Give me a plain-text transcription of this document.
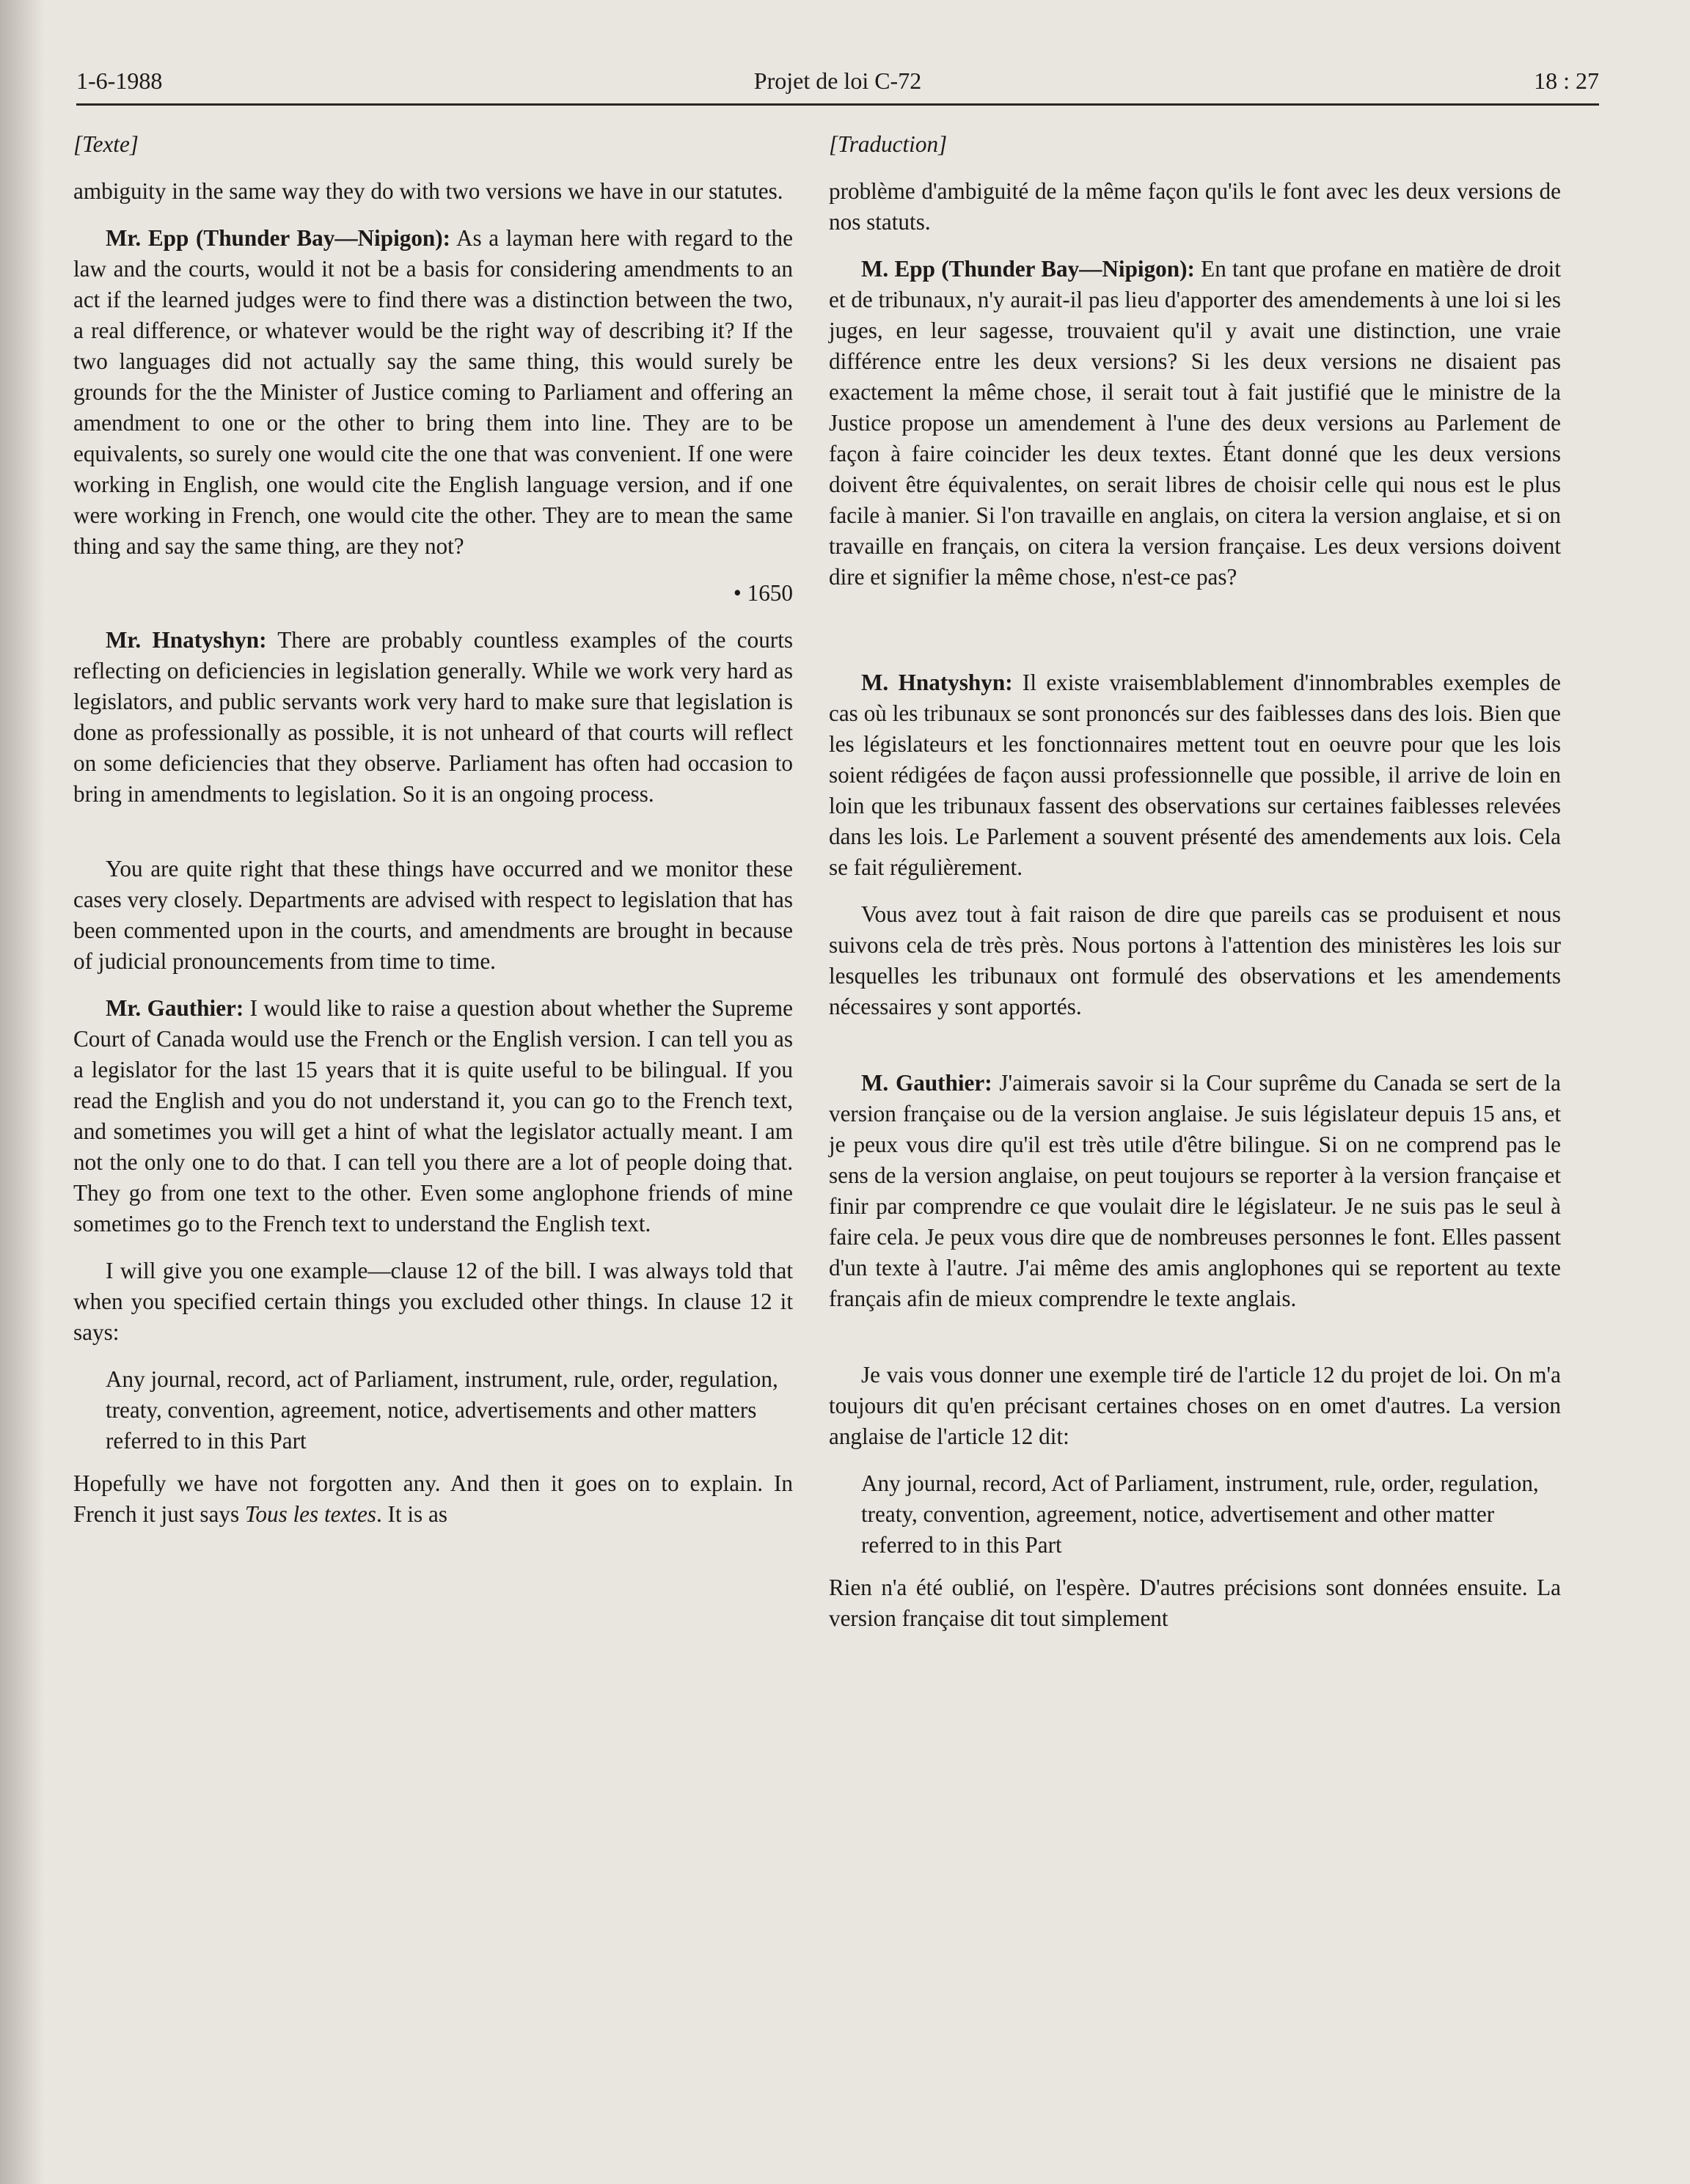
1-6-1988	Projet de loi C-72	18 : 27

[Texte]

ambiguity in the same way they do with two versions we have in our statutes.

Mr. Epp (Thunder Bay—Nipigon): As a layman here with regard to the law and the courts, would it not be a basis for considering amendments to an act if the learned judges were to find there was a distinction between the two, a real difference, or whatever would be the right way of describing it? If the two languages did not actually say the same thing, this would surely be grounds for the the Minister of Justice coming to Parliament and offering an amendment to one or the other to bring them into line. They are to be equivalents, so surely one would cite the one that was convenient. If one were working in English, one would cite the English language version, and if one were working in French, one would cite the other. They are to mean the same thing and say the same thing, are they not?

• 1650

Mr. Hnatyshyn: There are probably countless examples of the courts reflecting on deficiencies in legislation generally. While we work very hard as legislators, and public servants work very hard to make sure that legislation is done as professionally as possible, it is not unheard of that courts will reflect on some deficiencies that they observe. Parliament has often had occasion to bring in amendments to legislation. So it is an ongoing process.

You are quite right that these things have occurred and we monitor these cases very closely. Departments are advised with respect to legislation that has been commented upon in the courts, and amendments are brought in because of judicial pronouncements from time to time.

Mr. Gauthier: I would like to raise a question about whether the Supreme Court of Canada would use the French or the English version. I can tell you as a legislator for the last 15 years that it is quite useful to be bilingual. If you read the English and you do not understand it, you can go to the French text, and sometimes you will get a hint of what the legislator actually meant. I am not the only one to do that. I can tell you there are a lot of people doing that. They go from one text to the other. Even some anglophone friends of mine sometimes go to the French text to understand the English text.

I will give you one example—clause 12 of the bill. I was always told that when you specified certain things you excluded other things. In clause 12 it says:

Any journal, record, act of Parliament, instrument, rule, order, regulation, treaty, convention, agreement, notice, advertisements and other matters referred to in this Part

Hopefully we have not forgotten any. And then it goes on to explain. In French it just says Tous les textes. It is as

[Traduction]

problème d'ambiguité de la même façon qu'ils le font avec les deux versions de nos statuts.

M. Epp (Thunder Bay—Nipigon): En tant que profane en matière de droit et de tribunaux, n'y aurait-il pas lieu d'apporter des amendements à une loi si les juges, en leur sagesse, trouvaient qu'il y avait une distinction, une vraie différence entre les deux versions? Si les deux versions ne disaient pas exactement la même chose, il serait tout à fait justifié que le ministre de la Justice propose un amendement à l'une des deux versions au Parlement de façon à faire coincider les deux textes. Étant donné que les deux versions doivent être équivalentes, on serait libres de choisir celle qui nous est le plus facile à manier. Si l'on travaille en anglais, on citera la version anglaise, et si on travaille en français, on citera la version française. Les deux versions doivent dire et signifier la même chose, n'est-ce pas?

M. Hnatyshyn: Il existe vraisemblablement d'innombrables exemples de cas où les tribunaux se sont prononcés sur des faiblesses dans des lois. Bien que les législateurs et les fonctionnaires mettent tout en oeuvre pour que les lois soient rédigées de façon aussi professionnelle que possible, il arrive de loin en loin que les tribunaux fassent des observations sur certaines faiblesses relevées dans les lois. Le Parlement a souvent présenté des amendements aux lois. Cela se fait régulièrement.

Vous avez tout à fait raison de dire que pareils cas se produisent et nous suivons cela de très près. Nous portons à l'attention des ministères les lois sur lesquelles les tribunaux ont formulé des observations et les amendements nécessaires y sont apportés.

M. Gauthier: J'aimerais savoir si la Cour suprême du Canada se sert de la version française ou de la version anglaise. Je suis législateur depuis 15 ans, et je peux vous dire qu'il est très utile d'être bilingue. Si on ne comprend pas le sens de la version anglaise, on peut toujours se reporter à la version française et finir par comprendre ce que voulait dire le législateur. Je ne suis pas le seul à faire cela. Je peux vous dire que de nombreuses personnes le font. Elles passent d'un texte à l'autre. J'ai même des amis anglophones qui se reportent au texte français afin de mieux comprendre le texte anglais.

Je vais vous donner une exemple tiré de l'article 12 du projet de loi. On m'a toujours dit qu'en précisant certaines choses on en omet d'autres. La version anglaise de l'article 12 dit:

Any journal, record, Act of Parliament, instrument, rule, order, regulation, treaty, convention, agreement, notice, advertisement and other matter referred to in this Part

Rien n'a été oublié, on l'espère. D'autres précisions sont données ensuite. La version française dit tout simplement
